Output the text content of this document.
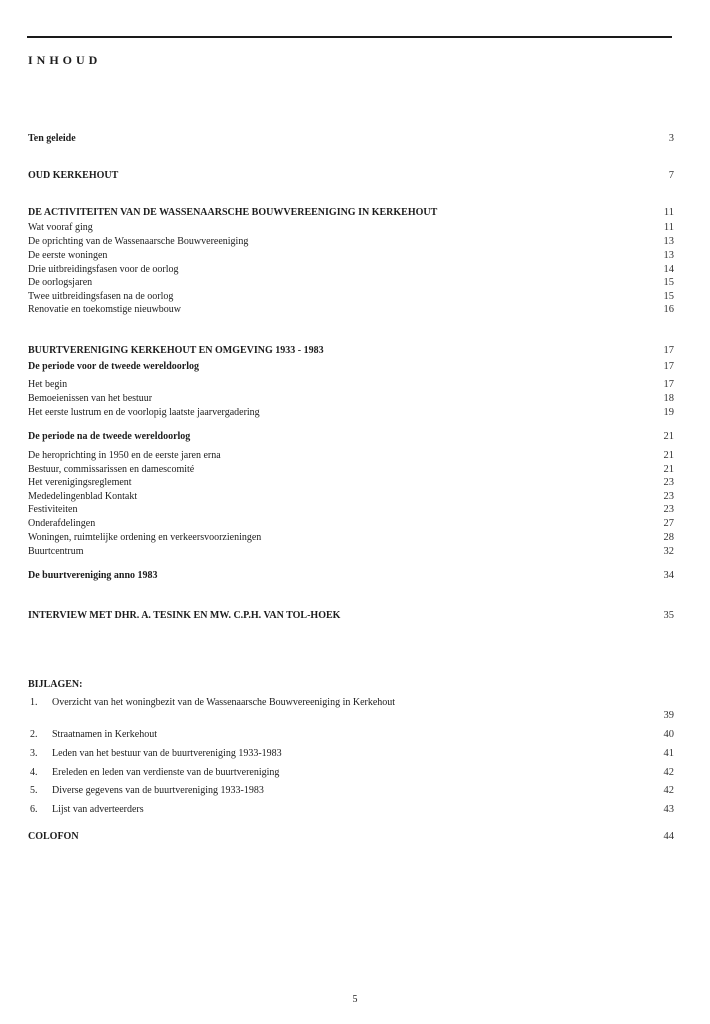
INHOUD
Ten geleide	3
OUD KERKEHOUT	7
DE ACTIVITEITEN VAN DE WASSENAARSCHE BOUWVEREENIGING IN KERKEHOUT	11
Wat vooraf ging	11
De oprichting van de Wassenaarsche Bouwvereeniging	13
De eerste woningen	13
Drie uitbreidingsfasen voor de oorlog	14
De oorlogsjaren	15
Twee uitbreidingsfasen na de oorlog	15
Renovatie en toekomstige nieuwbouw	16
BUURTVERENIGING KERKEHOUT EN OMGEVING 1933 - 1983	17
De periode voor de tweede wereldoorlog	17
Het begin	17
Bemoeienissen van het bestuur	18
Het eerste lustrum en de voorlopig laatste jaarvergadering	19
De periode na de tweede wereldoorlog	21
De heroprichting in 1950 en de eerste jaren erna	21
Bestuur, commissarissen en damescomité	21
Het verenigingsreglement	23
Mededelingenblad Kontakt	23
Festiviteiten	23
Onderafdelingen	27
Woningen, ruimtelijke ordening en verkeersvoorzieningen	28
Buurtcentrum	32
De buurtvereniging anno 1983	34
INTERVIEW MET DHR. A. TESINK EN MW. C.P.H. VAN TOL-HOEK	35
BIJLAGEN:
1. Overzicht van het woningbezit van de Wassenaarsche Bouwvereeniging in Kerkehout
39
2. Straatnamen in Kerkehout	40
3. Leden van het bestuur van de buurtvereniging 1933-1983	41
4. Ereleden en leden van verdienste van de buurtvereniging	42
5. Diverse gegevens van de buurtvereniging 1933-1983	42
6. Lijst van adverteerders	43
COLOFON	44
5
